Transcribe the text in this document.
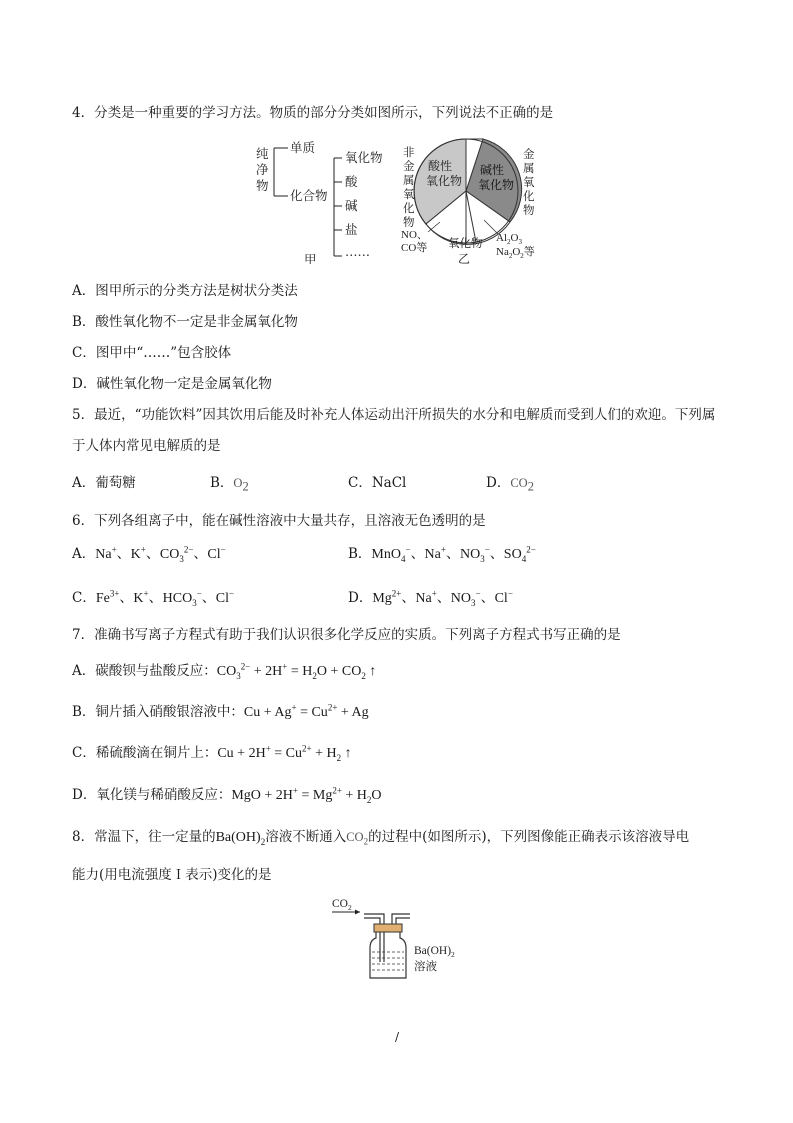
4．分类是一种重要的学习方法。物质的部分分类如图所示，下列说法不正确的是
纯
净
物
单质
化合物
氧化物
酸
碱
盐
……
甲
酸性
氧化物
碱性
氧化物
非
金
属
氧
化
物
金
属
氧
化
物
NO、
CO等 氧化物
乙
$Al_2O_3$
$Na_2O_2$等
A．图甲所示的分类方法是树状分类法
B．酸性氧化物不一定是非金属氧化物
C．图甲中“……”包含胶体
D．碱性氧化物一定是金属氧化物
5．最近，“功能饮料”因其饮用后能及时补充人体运动出汗所损失的水分和电解质而受到人们的欢迎。下列属
于人体内常见电解质的是
A．葡萄糖	B．$O_2$	C．NaCl	D．$CO_2$
6．下列各组离子中，能在碱性溶液中大量共存，且溶液无色透明的是
A．Na+、K+、$CO_3^{2-}$、Cl−	B．MnO$_4$−、Na+、$NO_3^-$、$SO_4^{2-}$
C．$Fe^{3+}$、K+、$HCO_3^-$、Cl−	D．$Mg^{2+}$、Na+、$NO_3^-$、Cl−
7．准确书写离子方程式有助于我们认识很多化学反应的实质。下列离子方程式书写正确的是
A．碳酸钡与盐酸反应：$CO_3^{2-} + 2H^+ = H_2O + CO_2$ ↑
B．铜片插入硝酸银溶液中：$Cu + Ag^+ = Cu^{2+} + Ag$
C．稀硫酸滴在铜片上：$Cu + 2H^+ = Cu^{2+} + H_2$ ↑
D．氧化镁与稀硝酸反应：MgO + $2H^+ = Mg^{2+} + H_2O$
8．常温下，往一定量的$Ba(OH)_2$溶液不断通入$CO_2$的过程中(如图所示)，下列图像能正确表示该溶液导电
能力(用电流强度Ｉ表示)变化的是
$CO_2$
$Ba(OH)_2$
溶液
/
